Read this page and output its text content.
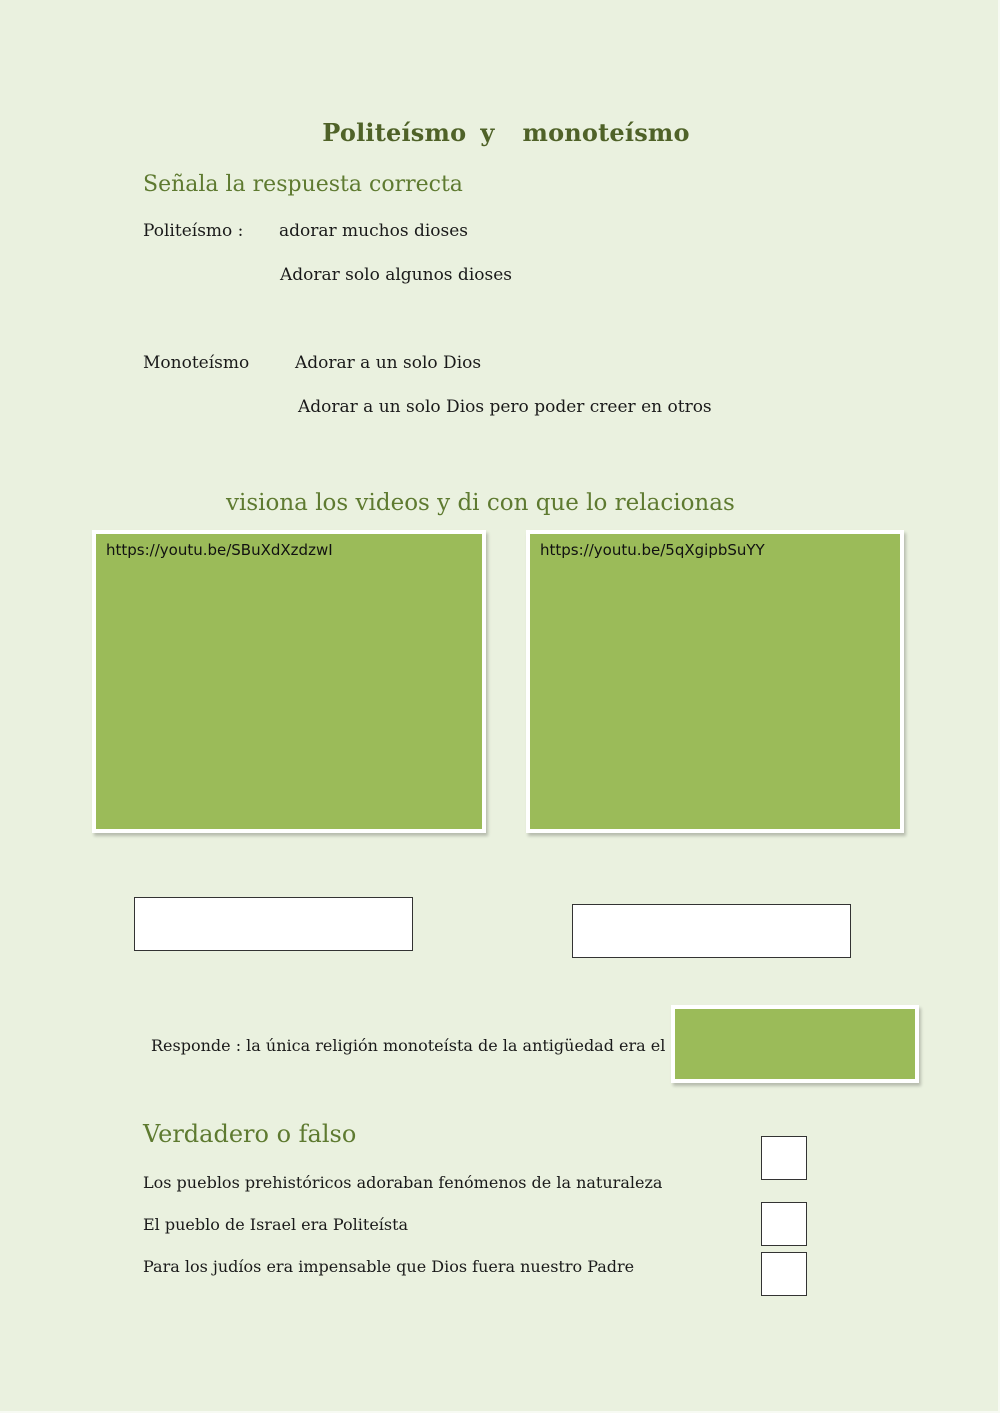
Politeísmo y monoteísmo
Señala la respuesta correcta
Politeísmo : adorar muchos dioses
Adorar solo algunos dioses
Monoteísmo	Adorar a un solo Dios
Adorar a un solo Dios pero poder creer en otros
visiona los videos y di con que lo relacionas
https://youtu.be/SBuXdXzdzwI	https://youtu.be/5qXgipbSuYY
Responde : la única religión monoteísta de la antigüedad era el
Verdadero o falso
Los pueblos prehistóricos adoraban fenómenos de la naturaleza
El pueblo de Israel era Politeísta
Para los judíos era impensable que Dios fuera nuestro Padre
